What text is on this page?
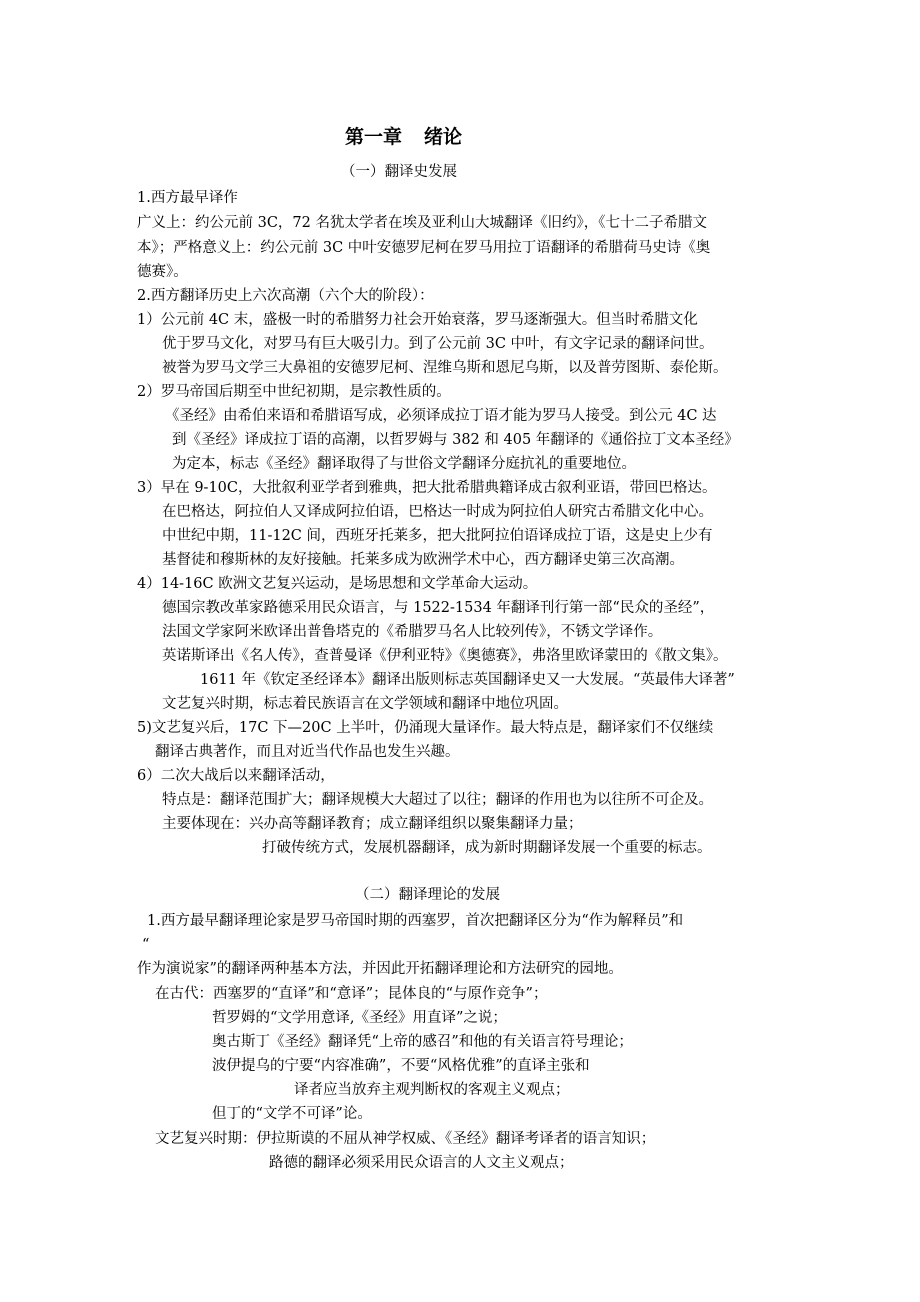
第一章 绪论
（一）翻译史发展
1.西方最早译作
广义上：约公元前 3C，72 名犹太学者在埃及亚利山大城翻译《旧约》，《七十二子希腊文
本》；严格意义上：约公元前 3C 中叶安德罗尼柯在罗马用拉丁语翻译的希腊荷马史诗《奥
德赛》。
2.西方翻译历史上六次高潮（六个大的阶段）：
1）公元前 4C 末，盛极一时的希腊努力社会开始衰落，罗马逐渐强大。但当时希腊文化
优于罗马文化，对罗马有巨大吸引力。到了公元前 3C 中叶，有文字记录的翻译问世。
被誉为罗马文学三大鼻祖的安德罗尼柯、涅维乌斯和恩尼乌斯，以及普劳图斯、泰伦斯。
2）罗马帝国后期至中世纪初期，是宗教性质的。
《圣经》由希伯来语和希腊语写成，必须译成拉丁语才能为罗马人接受。到公元 4C 达
到《圣经》译成拉丁语的高潮，以哲罗姆与 382 和 405 年翻译的《通俗拉丁文本圣经》
为定本，标志《圣经》翻译取得了与世俗文学翻译分庭抗礼的重要地位。
3）早在 9-10C，大批叙利亚学者到雅典，把大批希腊典籍译成古叙利亚语，带回巴格达。
在巴格达，阿拉伯人又译成阿拉伯语，巴格达一时成为阿拉伯人研究古希腊文化中心。
中世纪中期，11-12C 间，西班牙托莱多，把大批阿拉伯语译成拉丁语，这是史上少有
基督徒和穆斯林的友好接触。托莱多成为欧洲学术中心，西方翻译史第三次高潮。
4）14-16C 欧洲文艺复兴运动，是场思想和文学革命大运动。
德国宗教改革家路德采用民众语言，与 1522-1534 年翻译刊行第一部“民众的圣经”，
法国文学家阿米欧译出普鲁塔克的《希腊罗马名人比较列传》，不锈文学译作。
英诺斯译出《名人传》，查普曼译《伊利亚特》《奥德赛》，弗洛里欧译蒙田的《散文集》。
1611 年《钦定圣经译本》翻译出版则标志英国翻译史又一大发展。“英最伟大译著”
文艺复兴时期，标志着民族语言在文学领域和翻译中地位巩固。
5)文艺复兴后，17C 下—20C 上半叶，仍涌现大量译作。最大特点是，翻译家们不仅继续
翻译古典著作，而且对近当代作品也发生兴趣。
6）二次大战后以来翻译活动，
特点是：翻译范围扩大；翻译规模大大超过了以往；翻译的作用也为以往所不可企及。
主要体现在：兴办高等翻译教育；成立翻译组织以聚集翻译力量；
打破传统方式，发展机器翻译，成为新时期翻译发展一个重要的标志。
（二）翻译理论的发展
1.西方最早翻译理论家是罗马帝国时期的西塞罗，首次把翻译区分为“作为解释员”和
“
作为演说家”的翻译两种基本方法，并因此开拓翻译理论和方法研究的园地。
在古代：西塞罗的“直译”和“意译”；昆体良的“与原作竞争”；
哲罗姆的“文学用意译,《圣经》用直译”之说；
奥古斯丁《圣经》翻译凭“上帝的感召”和他的有关语言符号理论；
波伊提乌的宁要“内容准确”，不要“风格优雅”的直译主张和
译者应当放弃主观判断权的客观主义观点；
但丁的“文学不可译”论。
文艺复兴时期：伊拉斯谟的不屈从神学权威、《圣经》翻译考译者的语言知识；
路德的翻译必须采用民众语言的人文主义观点；
